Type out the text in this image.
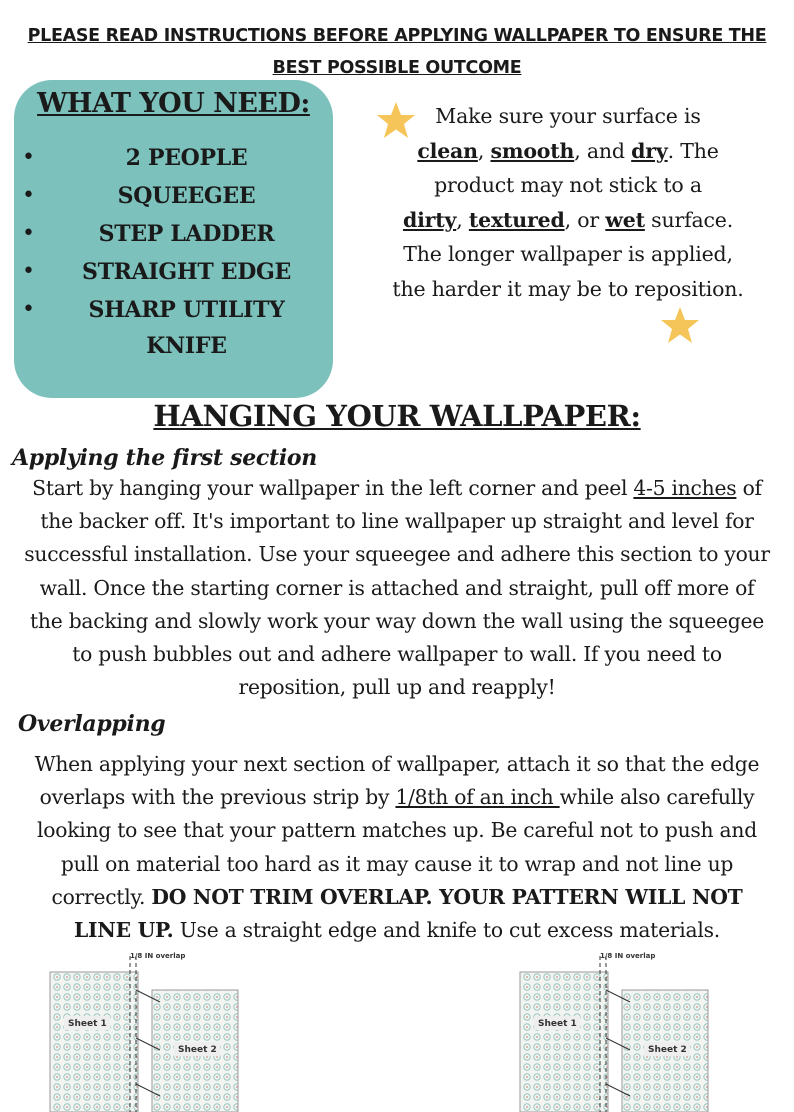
PLEASE READ INSTRUCTIONS BEFORE APPLYING WALLPAPER TO ENSURE THE BEST POSSIBLE OUTCOME
WHAT YOU NEED:
•	2 PEOPLE
•	SQUEEGEE
•	STEP LADDER
•	STRAIGHT EDGE
•	SHARP UTILITY KNIFE
Make sure your surface is
clean, smooth, and dry. The product may not stick to a
dirty, textured, or wet surface. The longer wallpaper is applied, the harder it may be to reposition.
HANGING YOUR WALLPAPER:
Applying the first section
Start by hanging your wallpaper in the left corner and peel 4-5 inches of the backer off. It's important to line wallpaper up straight and level for successful installation. Use your squeegee and adhere this section to your wall. Once the starting corner is attached and straight, pull off more of the backing and slowly work your way down the wall using the squeegee to push bubbles out and adhere wallpaper to wall. If you need to reposition, pull up and reapply!
Overlapping
When applying your next section of wallpaper, attach it so that the edge overlaps with the previous strip by 1/8th of an inch while also carefully looking to see that your pattern matches up. Be careful not to push and pull on material too hard as it may cause it to wrap and not line up correctly. DO NOT TRIM OVERLAP. YOUR PATTERN WILL NOT LINE UP. Use a straight edge and knife to cut excess materials.
1/8 IN overlap
Sheet 1
Sheet 2
1/8 IN overlap
Sheet 1
Sheet 2
